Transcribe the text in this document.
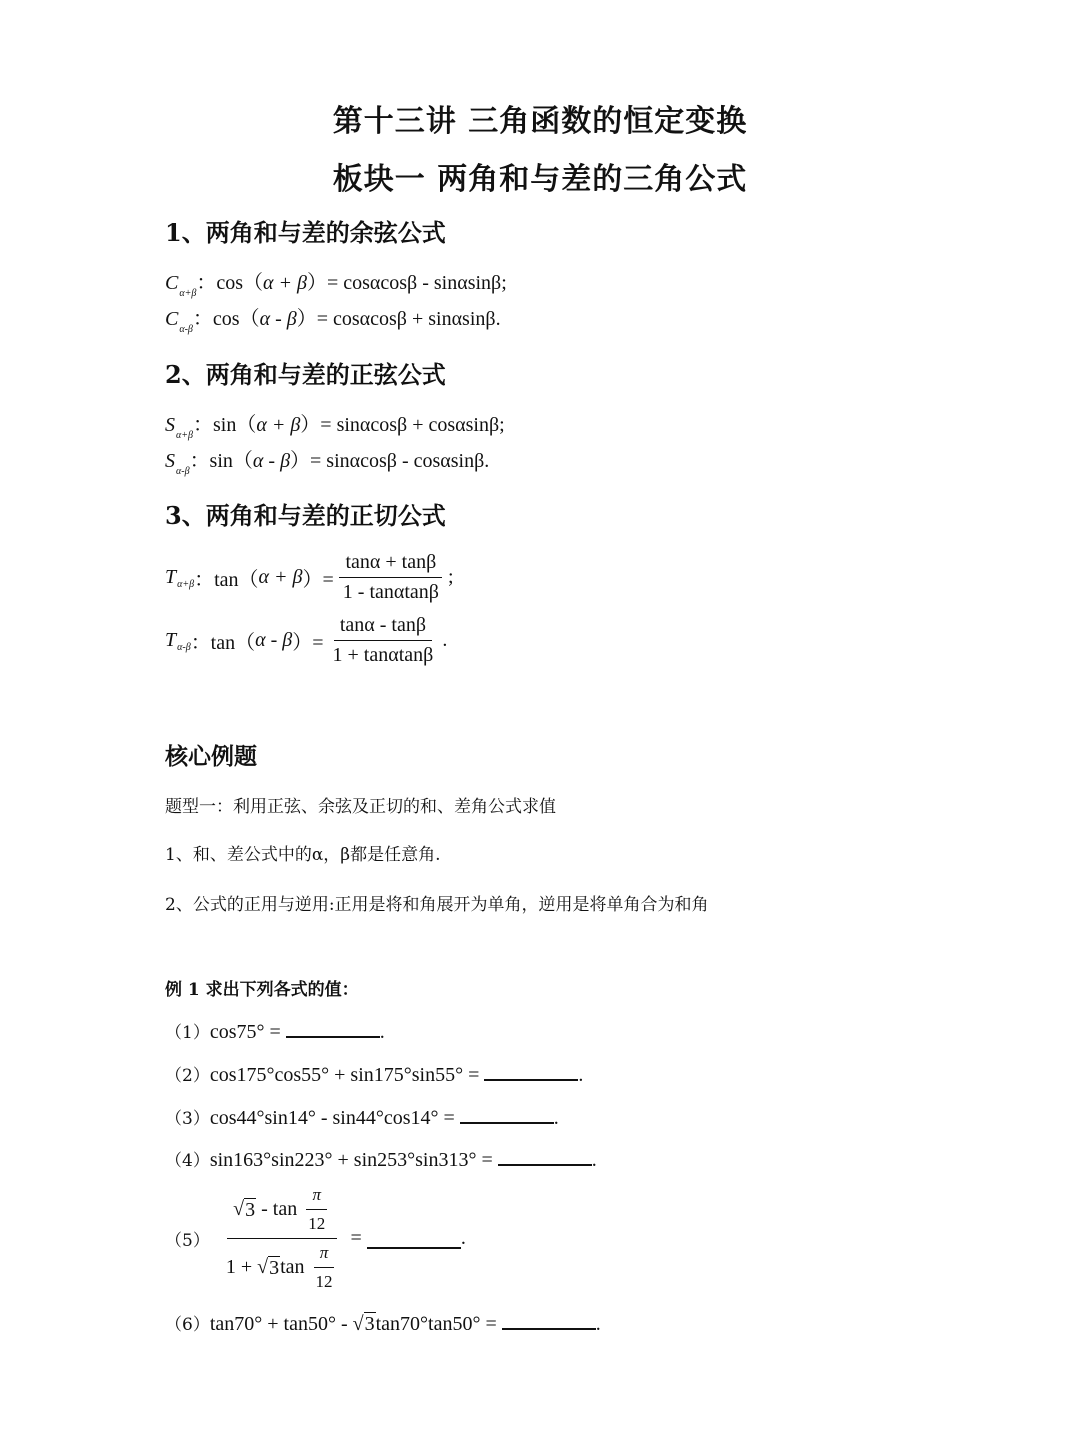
第十三讲 三角函数的恒定变换
板块一 两角和与差的三角公式
1、两角和与差的余弦公式
$C_{\alpha+\beta}$：cos（α + β）= cosαcosβ - sinαsinβ;
$C_{\alpha-\beta}$：cos（α - β）= cosαcosβ + sinαsinβ.
2、两角和与差的正弦公式
$S_{\alpha+\beta}$：sin（α + β）= sinαcosβ + cosαsinβ;
$S_{\alpha-\beta}$：sin（α - β）= sinαcosβ - cosαsinβ.
3、两角和与差的正切公式
T α+β ：tan（ α + β ）= $\frac{\tan\alpha + \tan\beta}{1 - \tan\alpha\tan\beta}$ ;
T α-β ：tan（ α - β ）= $\frac{\tan\alpha - \tan\beta}{1 + \tan\alpha\tan\beta}$ .
核心例题
题型一：利用正弦、余弦及正切的和、差角公式求值
1、和、差公式中的α，β都是任意角.
2、公式的正用与逆用:正用是将和角展开为单角，逆用是将单角合为和角
例 1 求出下列各式的值：
（1）cos75° =	.
（2）cos175°cos55° + sin175°sin55° =	.
（3）cos44°sin14° - sin44°cos14° =	.
（4）sin163°sin223° + sin253°sin313° =	.
（5） √ 3
- tan
$\frac{\pi}{12}$
1 + √ 3 tan
$\frac{\pi}{12}$ =
	.
（6）tan70° + tan50° - √3tan70°tan50° =	.
